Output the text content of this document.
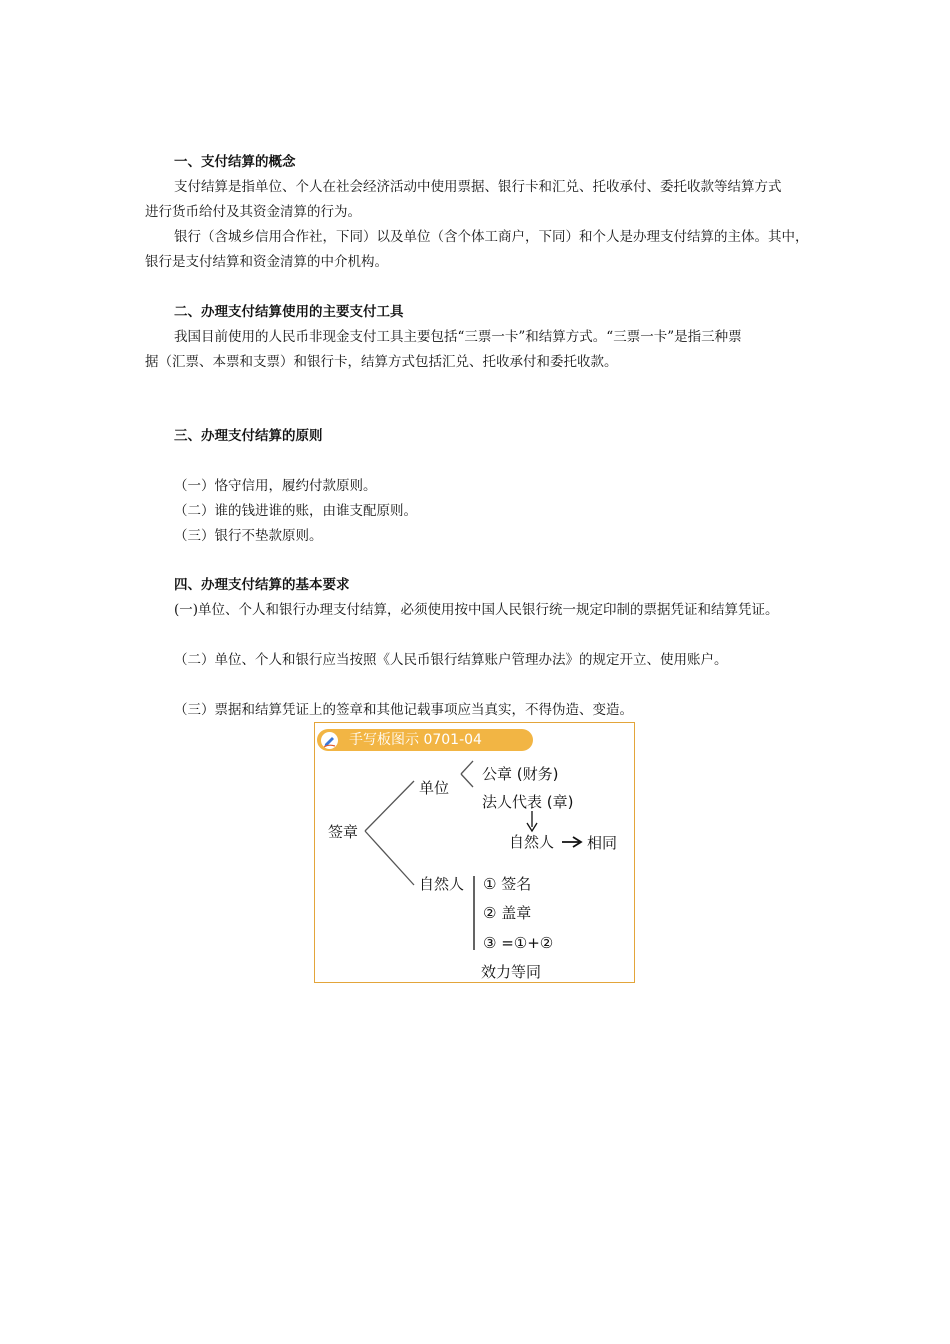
一、支付结算的概念
支付结算是指单位、个人在社会经济活动中使用票据、银行卡和汇兑、托收承付、委托收款等结算方式
进行货币给付及其资金清算的行为。
银行（含城乡信用合作社，下同）以及单位（含个体工商户，下同）和个人是办理支付结算的主体。其中，
银行是支付结算和资金清算的中介机构。
二、办理支付结算使用的主要支付工具
我国目前使用的人民币非现金支付工具主要包括“三票一卡”和结算方式。“三票一卡”是指三种票
据（汇票、本票和支票）和银行卡，结算方式包括汇兑、托收承付和委托收款。
三、办理支付结算的原则
（一）恪守信用，履约付款原则。
（二）谁的钱进谁的账，由谁支配原则。
（三）银行不垫款原则。
四、办理支付结算的基本要求
(一)单位、个人和银行办理支付结算，必须使用按中国人民银行统一规定印制的票据凭证和结算凭证。
（二）单位、个人和银行应当按照《人民币银行结算账户管理办法》的规定开立、使用账户。
（三）票据和结算凭证上的签章和其他记载事项应当真实，不得伪造、变造。
手写板图示 0701-04
签章
单位
公章 (财务)
法人代表 (章)
自然人 相同
自然人 ① 签名
② 盖章
③ =①+②
效力等同
